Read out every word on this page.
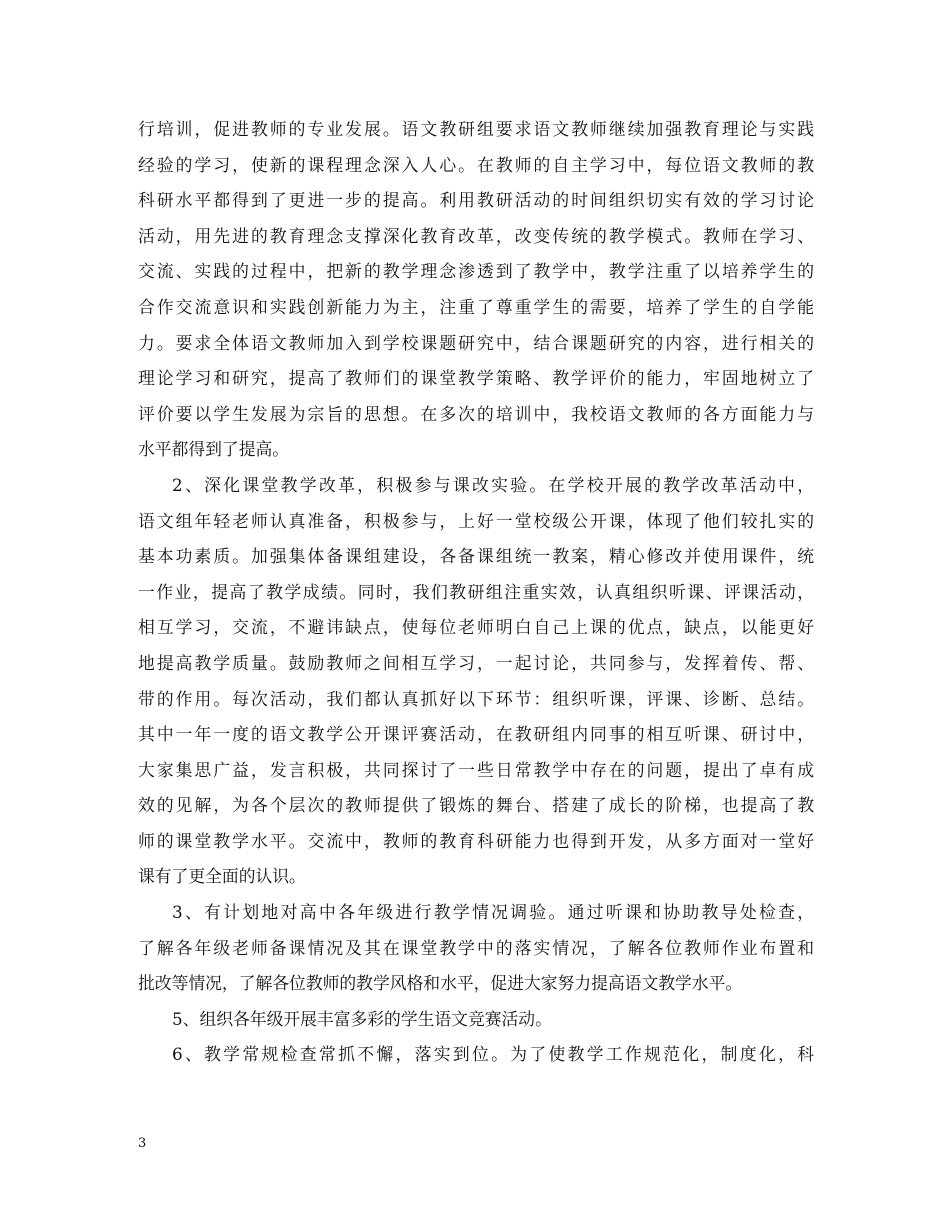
行培训，促进教师的专业发展。语文教研组要求语文教师继续加强教育理论与实践
经验的学习，使新的课程理念深入人心。在教师的自主学习中，每位语文教师的教
科研水平都得到了更进一步的提高。利用教研活动的时间组织切实有效的学习讨论
活动，用先进的教育理念支撑深化教育改革，改变传统的教学模式。教师在学习、
交流、实践的过程中，把新的教学理念渗透到了教学中，教学注重了以培养学生的
合作交流意识和实践创新能力为主，注重了尊重学生的需要，培养了学生的自学能
力。要求全体语文教师加入到学校课题研究中，结合课题研究的内容，进行相关的
理论学习和研究，提高了教师们的课堂教学策略、教学评价的能力，牢固地树立了
评价要以学生发展为宗旨的思想。在多次的培训中，我校语文教师的各方面能力与
水平都得到了提高。
2、深化课堂教学改革，积极参与课改实验。在学校开展的教学改革活动中，
语文组年轻老师认真准备，积极参与，上好一堂校级公开课，体现了他们较扎实的
基本功素质。加强集体备课组建设，各备课组统一教案，精心修改并使用课件，统
一作业，提高了教学成绩。同时，我们教研组注重实效，认真组织听课、评课活动，
相互学习，交流，不避讳缺点，使每位老师明白自己上课的优点，缺点，以能更好
地提高教学质量。鼓励教师之间相互学习，一起讨论，共同参与，发挥着传、帮、
带的作用。每次活动，我们都认真抓好以下环节：组织听课，评课、诊断、总结。
其中一年一度的语文教学公开课评赛活动，在教研组内同事的相互听课、研讨中，
大家集思广益，发言积极，共同探讨了一些日常教学中存在的问题，提出了卓有成
效的见解，为各个层次的教师提供了锻炼的舞台、搭建了成长的阶梯，也提高了教
师的课堂教学水平。交流中，教师的教育科研能力也得到开发，从多方面对一堂好
课有了更全面的认识。
3、有计划地对高中各年级进行教学情况调验。通过听课和协助教导处检查，
了解各年级老师备课情况及其在课堂教学中的落实情况，了解各位教师作业布置和
批改等情况，了解各位教师的教学风格和水平，促进大家努力提高语文教学水平。
5、组织各年级开展丰富多彩的学生语文竞赛活动。
6、教学常规检查常抓不懈，落实到位。为了使教学工作规范化，制度化，科
3
